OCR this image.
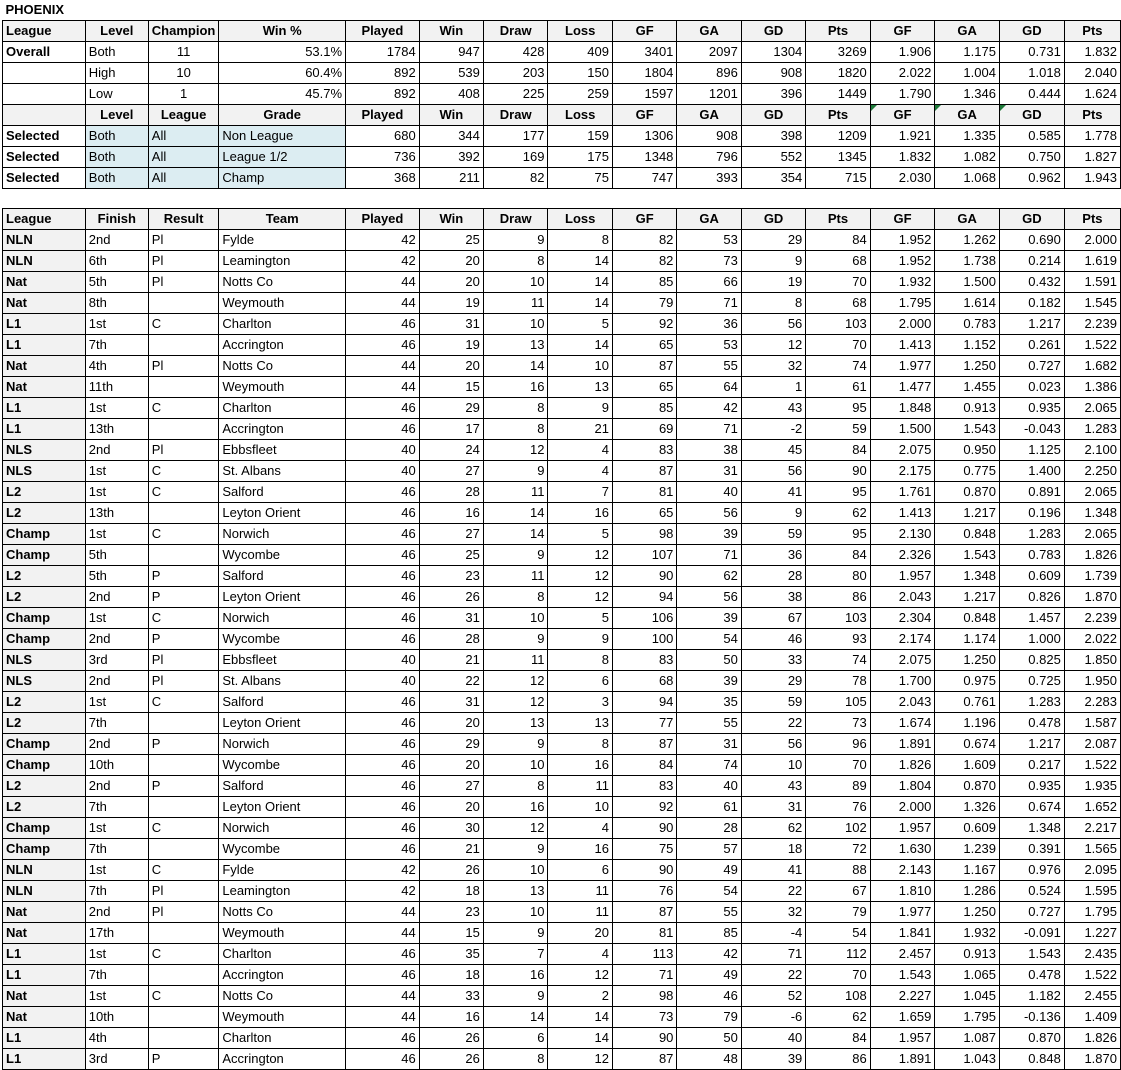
PHOENIX															
League	Level	Champion	Win %	Played	Win	Draw	Loss	GF	GA	GD	Pts	GF	GA	GD	Pts
Overall	Both	11	53.1%	1784	947	428	409	3401	2097	1304	3269	1.906	1.175	0.731	1.832
	High	10	60.4%	892	539	203	150	1804	896	908	1820	2.022	1.004	1.018	2.040
	Low	1	45.7%	892	408	225	259	1597	1201	396	1449	1.790	1.346	0.444	1.624
	Level	League	Grade	Played	Win	Draw	Loss	GF	GA	GD	Pts	GF	GA	GD	Pts
Selected	Both	All	Non League	680	344	177	159	1306	908	398	1209	1.921	1.335	0.585	1.778
Selected	Both	All	League 1/2	736	392	169	175	1348	796	552	1345	1.832	1.082	0.750	1.827
Selected	Both	All	Champ	368	211	82	75	747	393	354	715	2.030	1.068	0.962	1.943

League	Finish	Result	Team	Played	Win	Draw	Loss	GF	GA	GD	Pts	GF	GA	GD	Pts
NLN	2nd	Pl	Fylde	42	25	9	8	82	53	29	84	1.952	1.262	0.690	2.000
NLN	6th	Pl	Leamington	42	20	8	14	82	73	9	68	1.952	1.738	0.214	1.619
Nat	5th	Pl	Notts Co	44	20	10	14	85	66	19	70	1.932	1.500	0.432	1.591
Nat	8th		Weymouth	44	19	11	14	79	71	8	68	1.795	1.614	0.182	1.545
L1	1st	C	Charlton	46	31	10	5	92	36	56	103	2.000	0.783	1.217	2.239
L1	7th		Accrington	46	19	13	14	65	53	12	70	1.413	1.152	0.261	1.522
Nat	4th	Pl	Notts Co	44	20	14	10	87	55	32	74	1.977	1.250	0.727	1.682
Nat	11th		Weymouth	44	15	16	13	65	64	1	61	1.477	1.455	0.023	1.386
L1	1st	C	Charlton	46	29	8	9	85	42	43	95	1.848	0.913	0.935	2.065
L1	13th		Accrington	46	17	8	21	69	71	-2	59	1.500	1.543	-0.043	1.283
NLS	2nd	Pl	Ebbsfleet	40	24	12	4	83	38	45	84	2.075	0.950	1.125	2.100
NLS	1st	C	St. Albans	40	27	9	4	87	31	56	90	2.175	0.775	1.400	2.250
L2	1st	C	Salford	46	28	11	7	81	40	41	95	1.761	0.870	0.891	2.065
L2	13th		Leyton Orient	46	16	14	16	65	56	9	62	1.413	1.217	0.196	1.348
Champ	1st	C	Norwich	46	27	14	5	98	39	59	95	2.130	0.848	1.283	2.065
Champ	5th		Wycombe	46	25	9	12	107	71	36	84	2.326	1.543	0.783	1.826
L2	5th	P	Salford	46	23	11	12	90	62	28	80	1.957	1.348	0.609	1.739
L2	2nd	P	Leyton Orient	46	26	8	12	94	56	38	86	2.043	1.217	0.826	1.870
Champ	1st	C	Norwich	46	31	10	5	106	39	67	103	2.304	0.848	1.457	2.239
Champ	2nd	P	Wycombe	46	28	9	9	100	54	46	93	2.174	1.174	1.000	2.022
NLS	3rd	Pl	Ebbsfleet	40	21	11	8	83	50	33	74	2.075	1.250	0.825	1.850
NLS	2nd	Pl	St. Albans	40	22	12	6	68	39	29	78	1.700	0.975	0.725	1.950
L2	1st	C	Salford	46	31	12	3	94	35	59	105	2.043	0.761	1.283	2.283
L2	7th		Leyton Orient	46	20	13	13	77	55	22	73	1.674	1.196	0.478	1.587
Champ	2nd	P	Norwich	46	29	9	8	87	31	56	96	1.891	0.674	1.217	2.087
Champ	10th		Wycombe	46	20	10	16	84	74	10	70	1.826	1.609	0.217	1.522
L2	2nd	P	Salford	46	27	8	11	83	40	43	89	1.804	0.870	0.935	1.935
L2	7th		Leyton Orient	46	20	16	10	92	61	31	76	2.000	1.326	0.674	1.652
Champ	1st	C	Norwich	46	30	12	4	90	28	62	102	1.957	0.609	1.348	2.217
Champ	7th		Wycombe	46	21	9	16	75	57	18	72	1.630	1.239	0.391	1.565
NLN	1st	C	Fylde	42	26	10	6	90	49	41	88	2.143	1.167	0.976	2.095
NLN	7th	Pl	Leamington	42	18	13	11	76	54	22	67	1.810	1.286	0.524	1.595
Nat	2nd	Pl	Notts Co	44	23	10	11	87	55	32	79	1.977	1.250	0.727	1.795
Nat	17th		Weymouth	44	15	9	20	81	85	-4	54	1.841	1.932	-0.091	1.227
L1	1st	C	Charlton	46	35	7	4	113	42	71	112	2.457	0.913	1.543	2.435
L1	7th		Accrington	46	18	16	12	71	49	22	70	1.543	1.065	0.478	1.522
Nat	1st	C	Notts Co	44	33	9	2	98	46	52	108	2.227	1.045	1.182	2.455
Nat	10th		Weymouth	44	16	14	14	73	79	-6	62	1.659	1.795	-0.136	1.409
L1	4th		Charlton	46	26	6	14	90	50	40	84	1.957	1.087	0.870	1.826
L1	3rd	P	Accrington	46	26	8	12	87	48	39	86	1.891	1.043	0.848	1.870
